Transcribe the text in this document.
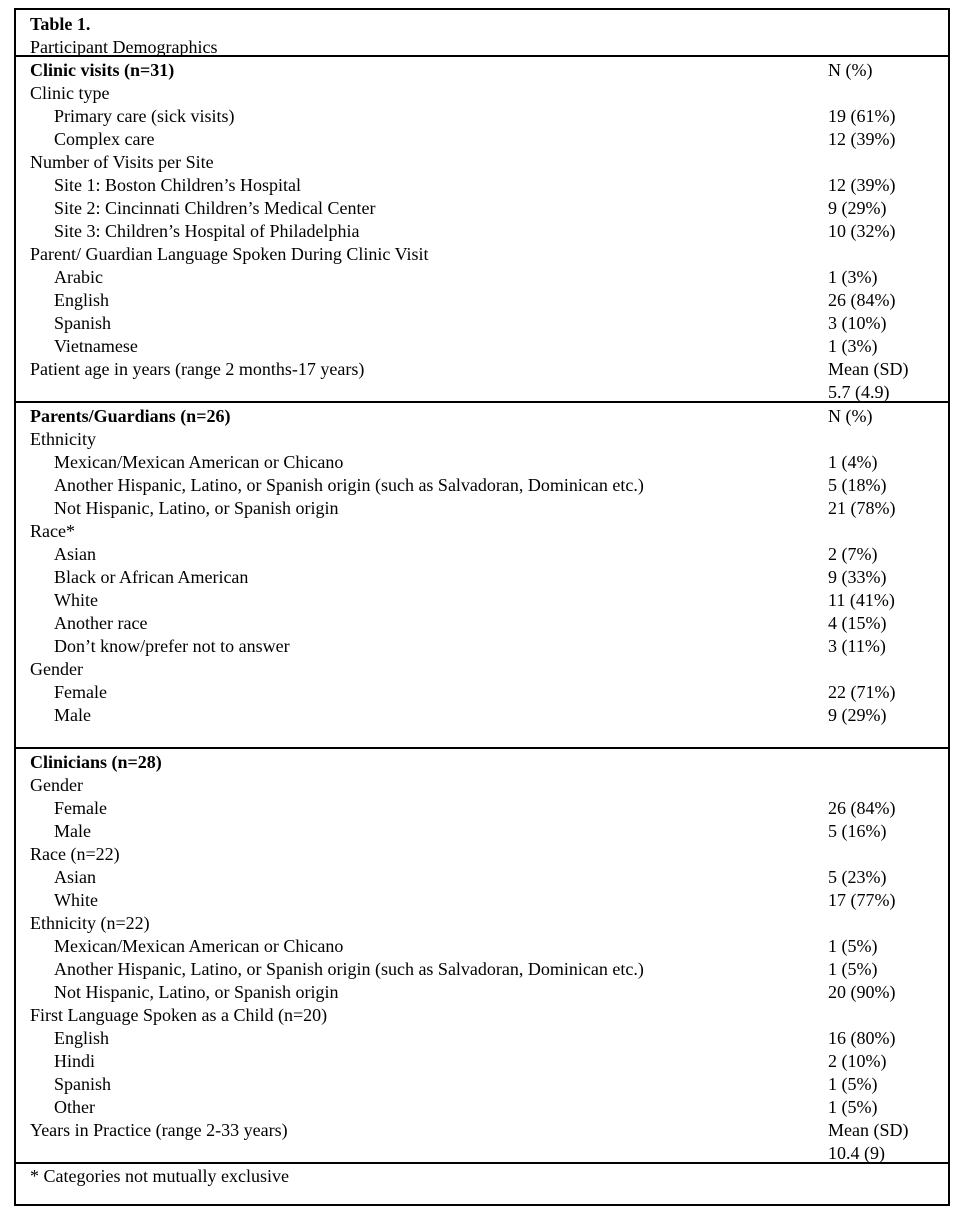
Table 1.
Participant Demographics
Clinic visits (n=31)	N (%)
Clinic type
Primary care (sick visits)	19 (61%)
Complex care	12 (39%)
Number of Visits per Site
Site 1: Boston Children’s Hospital	12 (39%)
Site 2: Cincinnati Children’s Medical Center	9 (29%)
Site 3: Children’s Hospital of Philadelphia	10 (32%)
Parent/ Guardian Language Spoken During Clinic Visit
Arabic	1 (3%)
English	26 (84%)
Spanish	3 (10%)
Vietnamese	1 (3%)
Patient age in years (range 2 months-17 years)	Mean (SD)
5.7 (4.9)
Parents/Guardians (n=26)	N (%)
Ethnicity
Mexican/Mexican American or Chicano	1 (4%)
Another Hispanic, Latino, or Spanish origin (such as Salvadoran, Dominican etc.)	5 (18%)
Not Hispanic, Latino, or Spanish origin	21 (78%)
Race*
Asian	2 (7%)
Black or African American	9 (33%)
White	11 (41%)
Another race	4 (15%)
Don’t know/prefer not to answer	3 (11%)
Gender
Female	22 (71%)
Male	9 (29%)
Clinicians (n=28)
Gender
Female	26 (84%)
Male	5 (16%)
Race (n=22)
Asian	5 (23%)
White	17 (77%)
Ethnicity (n=22)
Mexican/Mexican American or Chicano	1 (5%)
Another Hispanic, Latino, or Spanish origin (such as Salvadoran, Dominican etc.)	1 (5%)
Not Hispanic, Latino, or Spanish origin	20 (90%)
First Language Spoken as a Child (n=20)
English	16 (80%)
Hindi	2 (10%)
Spanish	1 (5%)
Other	1 (5%)
Years in Practice (range 2-33 years)	Mean (SD)
10.4 (9)
* Categories not mutually exclusive
